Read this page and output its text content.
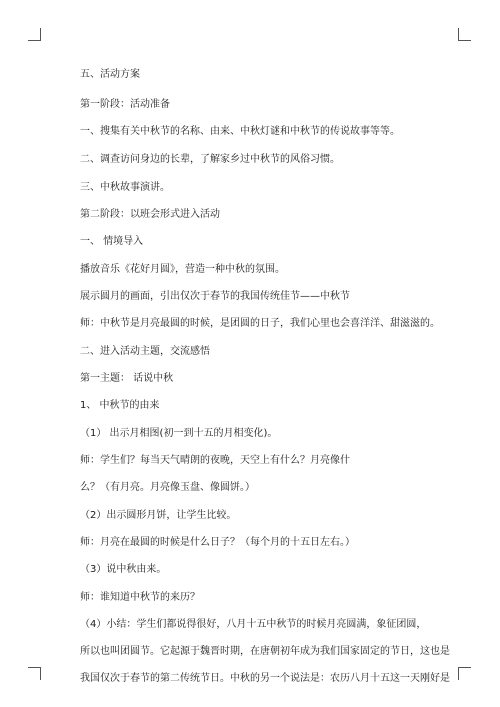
五、活动方案
第一阶段：活动准备
一、搜集有关中秋节的名称、由来、中秋灯谜和中秋节的传说故事等等。
二、调查访问身边的长辈，了解家乡过中秋节的风俗习惯。
三、中秋故事演讲。
第二阶段：以班会形式进入活动
一、 情境导入
播放音乐《花好月圆》，营造一种中秋的氛围。
展示圆月的画面，引出仅次于春节的我国传统佳节——中秋节
师：中秋节是月亮最圆的时候，是团圆的日子，我们心里也会喜洋洋、甜滋滋的。
二、进入活动主题，交流感悟
第一主题： 话说中秋
1、 中秋节的由来
（1） 出示月相图(初一到十五的月相变化)。
师：学生们？每当天气晴朗的夜晚，天空上有什么？月亮像什
么？（有月亮。月亮像玉盘、像圆饼。）
（2）出示圆形月饼，让学生比较。
师：月亮在最圆的时候是什么日子？（每个月的十五日左右。）
（3）说中秋由来。
师：谁知道中秋节的来历？
（4）小结：学生们都说得很好，八月十五中秋节的时候月亮圆满，象征团圆，
所以也叫团圆节。它起源于魏晋时期，在唐朝初年成为我们国家固定的节日，这也是
我国仅次于春节的第二传统节日。中秋的另一个说法是：农历八月十五这一天刚好是
